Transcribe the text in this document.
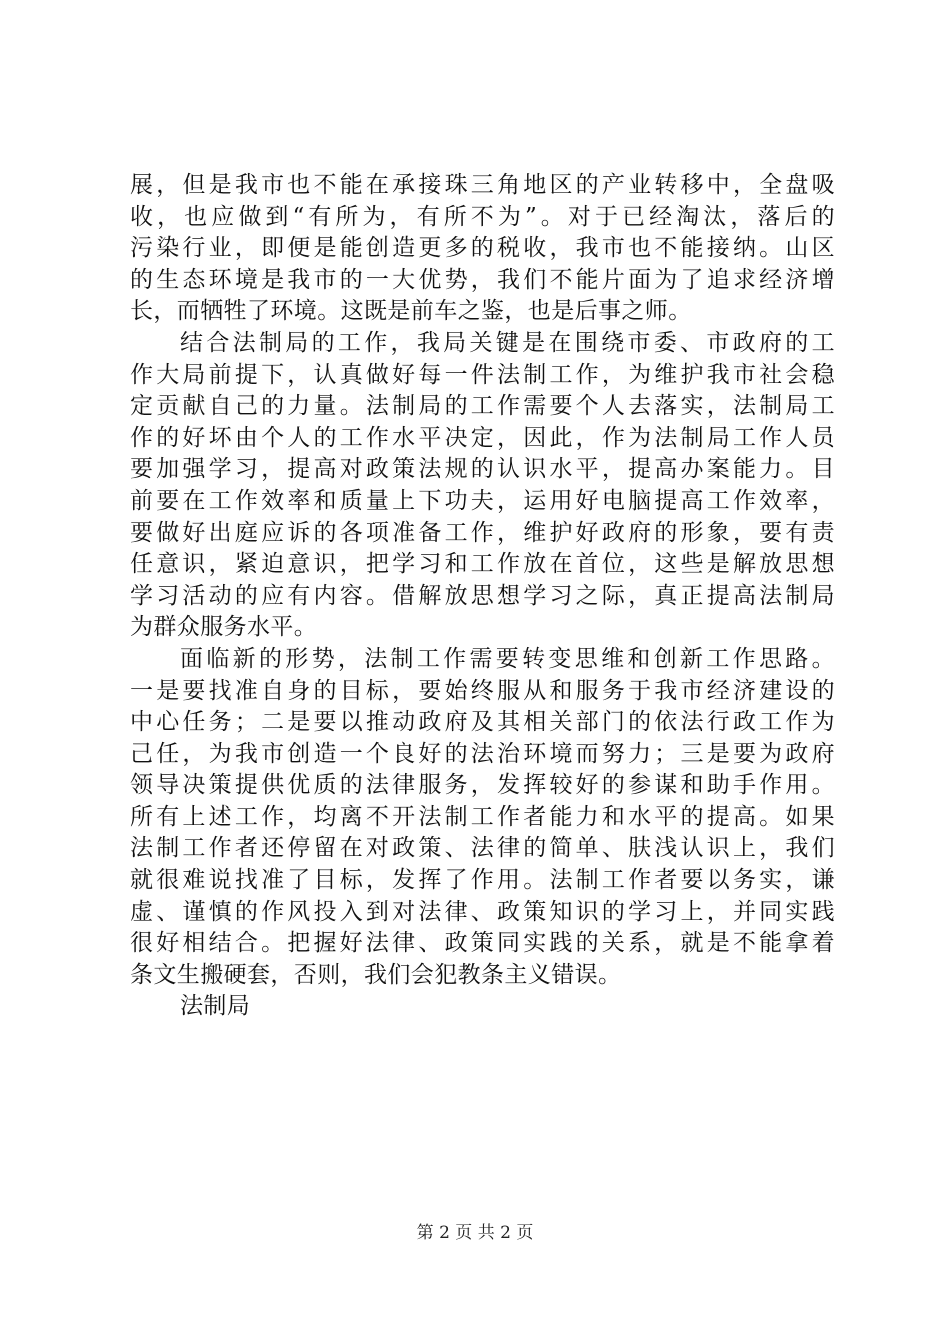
展，但是我市也不能在承接珠三角地区的产业转移中，全盘吸
收，也应做到“有所为，有所不为”。对于已经淘汰，落后的
污染行业，即便是能创造更多的税收，我市也不能接纳。山区
的生态环境是我市的一大优势，我们不能片面为了追求经济增
长，而牺牲了环境。这既是前车之鉴，也是后事之师。
结合法制局的工作，我局关键是在围绕市委、市政府的工
作大局前提下，认真做好每一件法制工作，为维护我市社会稳
定贡献自己的力量。法制局的工作需要个人去落实，法制局工
作的好坏由个人的工作水平决定，因此，作为法制局工作人员
要加强学习，提高对政策法规的认识水平，提高办案能力。目
前要在工作效率和质量上下功夫，运用好电脑提高工作效率，
要做好出庭应诉的各项准备工作，维护好政府的形象，要有责
任意识，紧迫意识，把学习和工作放在首位，这些是解放思想
学习活动的应有内容。借解放思想学习之际，真正提高法制局
为群众服务水平。
面临新的形势，法制工作需要转变思维和创新工作思路。
一是要找准自身的目标，要始终服从和服务于我市经济建设的
中心任务；二是要以推动政府及其相关部门的依法行政工作为
己任，为我市创造一个良好的法治环境而努力；三是要为政府
领导决策提供优质的法律服务，发挥较好的参谋和助手作用。
所有上述工作，均离不开法制工作者能力和水平的提高。如果
法制工作者还停留在对政策、法律的简单、肤浅认识上，我们
就很难说找准了目标，发挥了作用。法制工作者要以务实，谦
虚、谨慎的作风投入到对法律、政策知识的学习上，并同实践
很好相结合。把握好法律、政策同实践的关系，就是不能拿着
条文生搬硬套，否则，我们会犯教条主义错误。
法制局
第 2 页 共 2 页
